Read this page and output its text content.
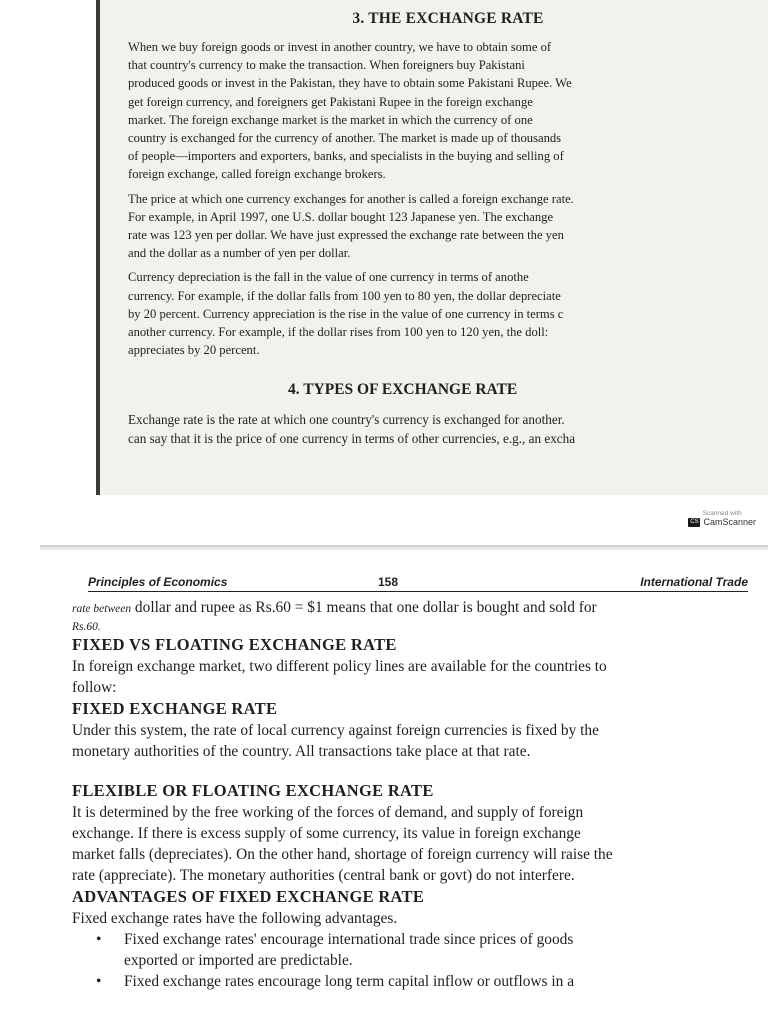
3. THE EXCHANGE RATE

When we buy foreign goods or invest in another country, we have to obtain some of

that country's currency to make the transaction. When foreigners buy Pakistani

produced goods or invest in the Pakistan, they have to obtain some Pakistani Rupee. We

get foreign currency, and foreigners get Pakistani Rupee in the foreign exchange

market. The foreign exchange market is the market in which the currency of one

country is exchanged for the currency of another. The market is made up of thousands

of people—importers and exporters, banks, and specialists in the buying and selling of

foreign exchange, called foreign exchange brokers.

The price at which one currency exchanges for another is called a foreign exchange rate.

For example, in April 1997, one U.S. dollar bought 123 Japanese yen. The exchange

rate was 123 yen per dollar. We have just expressed the exchange rate between the yen

and the dollar as a number of yen per dollar.

Currency depreciation is the fall in the value of one currency in terms of anothe

currency. For example, if the dollar falls from 100 yen to 80 yen, the dollar depreciate

by 20 percent. Currency appreciation is the rise in the value of one currency in terms c

another currency. For example, if the dollar rises from 100 yen to 120 yen, the doll:

appreciates by 20 percent.

4. TYPES OF EXCHANGE RATE

Exchange rate is the rate at which one country's currency is exchanged for another.

can say that it is the price of one currency in terms of other currencies, e.g., an excha

Scanned with
CS CamScanner
Principles of Economics	158	International Trade

rate between dollar and rupee as Rs.60 = $1 means that one dollar is bought and sold for

Rs.60.

FIXED VS FLOATING EXCHANGE RATE

In foreign exchange market, two different policy lines are available for the countries to

follow:

FIXED EXCHANGE RATE

Under this system, the rate of local currency against foreign currencies is fixed by the

monetary authorities of the country. All transactions take place at that rate.

FLEXIBLE OR FLOATING EXCHANGE RATE

It is determined by the free working of the forces of demand, and supply of foreign

exchange. If there is excess supply of some currency, its value in foreign exchange

market falls (depreciates). On the other hand, shortage of foreign currency will raise the

rate (appreciate). The monetary authorities (central bank or govt) do not interfere.

ADVANTAGES OF FIXED EXCHANGE RATE

Fixed exchange rates have the following advantages.

• Fixed exchange rates' encourage international trade since prices of goods

exported or imported are predictable.

• Fixed exchange rates encourage long term capital inflow or outflows in a
